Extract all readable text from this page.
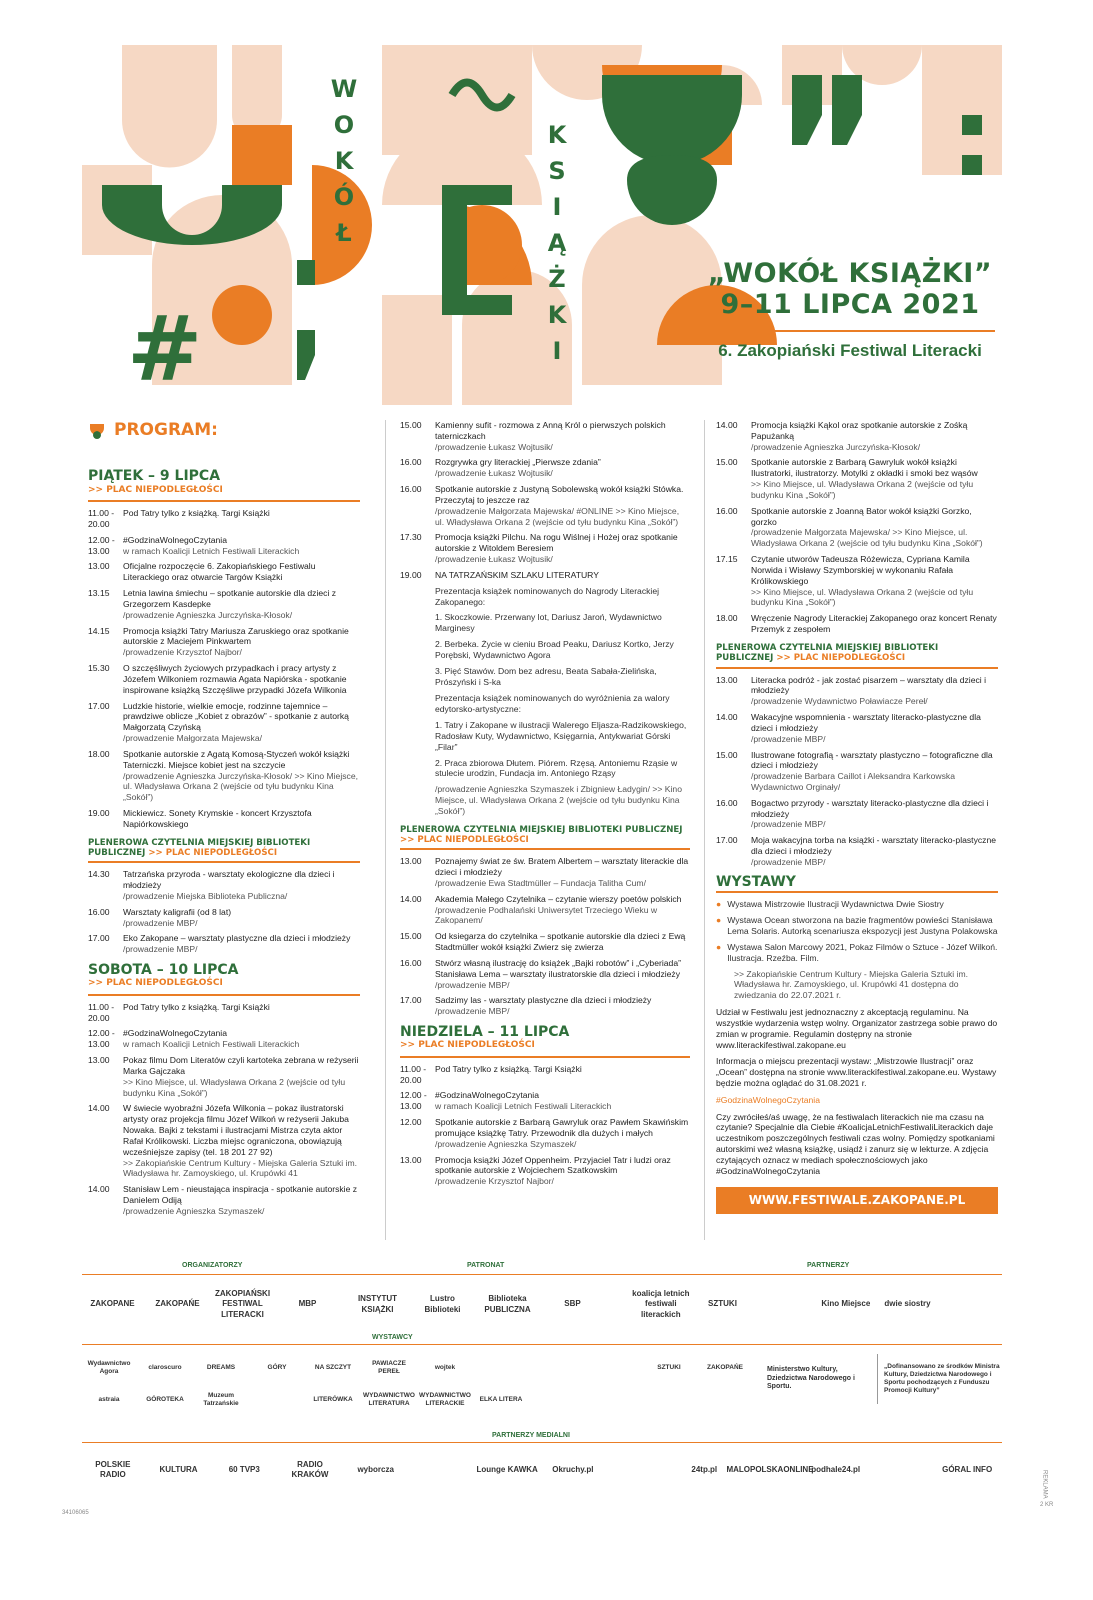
#
W
O
K
Ó
Ł
K
S
I
Ą
Ż
K
I
„WOKÓŁ KSIĄŻKI”
9–11 LIPCA 2021
6. Zakopiański Festiwal Literacki
PROGRAM:
PIĄTEK – 9 LIPCA
>> PLAC NIEPODLEGŁOŚCI
11.00 - 20.00
Pod Tatry tylko z książką. Targi Książki
12.00 - 13.00
#GodzinaWolnegoCzytania
w ramach Koalicji Letnich Festiwali Literackich
13.00	Oficjalne rozpoczęcie 6. Zakopiańskiego Festiwalu Literackiego oraz otwarcie Targów Książki
13.15	Letnia lawina śmiechu – spotkanie autorskie dla dzieci z Grzegorzem Kasdepke
/prowadzenie Agnieszka Jurczyńska-Kłosok/
14.15	Promocja książki Tatry Mariusza Zaruskiego oraz spotkanie autorskie z Maciejem Pinkwartem
/prowadzenie Krzysztof Najbor/
15.30	O szczęśliwych życiowych przypadkach i pracy artysty z Józefem Wilkoniem rozmawia Agata Napiórska - spotkanie inspirowane książką Szczęśliwe przypadki Józefa Wilkonia
17.00	Ludzkie historie, wielkie emocje, rodzinne tajemnice – prawdziwe oblicze „Kobiet z obrazów” - spotkanie z autorką Małgorzatą Czyńską
/prowadzenie Małgorzata Majewska/
18.00	Spotkanie autorskie z Agatą Komosą-Styczeń wokół książki Taterniczki. Miejsce kobiet jest na szczycie
/prowadzenie Agnieszka Jurczyńska-Kłosok/ >> Kino Miejsce, ul. Władysława Orkana 2 (wejście od tyłu budynku Kina „Sokół”)
19.00	Mickiewicz. Sonety Krymskie - koncert Krzysztofa Napiórkowskiego
PLENEROWA CZYTELNIA MIEJSKIEJ BIBLIOTEKI PUBLICZNEJ >> PLAC NIEPODLEGŁOŚCI
14.30	Tatrzańska przyroda - warsztaty ekologiczne dla dzieci i młodzieży
/prowadzenie Miejska Biblioteka Publiczna/
16.00	Warsztaty kaligrafii (od 8 lat)
/prowadzenie MBP/
17.00	Eko Zakopane – warsztaty plastyczne dla dzieci i młodzieży
/prowadzenie MBP/
SOBOTA – 10 LIPCA
>> PLAC NIEPODLEGŁOŚCI
11.00 - 20.00
Pod Tatry tylko z książką. Targi Książki
12.00 - 13.00
#GodzinaWolnegoCzytania
w ramach Koalicji Letnich Festiwali Literackich
13.00	Pokaz filmu Dom Literatów czyli kartoteka zebrana w reżyserii Marka Gajczaka
>> Kino Miejsce, ul. Władysława Orkana 2 (wejście od tyłu budynku Kina „Sokół”)
14.00	W świecie wyobraźni Józefa Wilkonia – pokaz ilustratorski artysty oraz projekcja filmu Józef Wilkoń w reżyserii Jakuba Nowaka. Bajki z tekstami i ilustracjami Mistrza czyta aktor Rafał Królikowski. Liczba miejsc ograniczona, obowiązują wcześniejsze zapisy (tel. 18 201 27 92)
>> Zakopiańskie Centrum Kultury - Miejska Galeria Sztuki im. Władysława hr. Zamoyskiego, ul. Krupówki 41
14.00	Stanisław Lem - nieustająca inspiracja - spotkanie autorskie z Danielem Odiją
/prowadzenie Agnieszka Szymaszek/
15.00	Kamienny sufit - rozmowa z Anną Król o pierwszych polskich taterniczkach
/prowadzenie Łukasz Wojtusik/
16.00	Rozgrywka gry literackiej „Pierwsze zdania”
/prowadzenie Łukasz Wojtusik/
16.00	Spotkanie autorskie z Justyną Sobolewską wokół książki Stówka. Przeczytaj to jeszcze raz
/prowadzenie Małgorzata Majewska/ #ONLINE >> Kino Miejsce, ul. Władysława Orkana 2 (wejście od tyłu budynku Kina „Sokół”)
17.30	Promocja książki Pilchu. Na rogu Wiślnej i Hożej oraz spotkanie autorskie z Witoldem Beresiem
/prowadzenie Łukasz Wojtusik/
19.00	NA TATRZAŃSKIM SZLAKU LITERATURY
Prezentacja książek nominowanych do Nagrody Literackiej Zakopanego:
1. Skoczkowie. Przerwany lot, Dariusz Jaroń, Wydawnictwo Marginesy
2. Berbeka. Życie w cieniu Broad Peaku, Dariusz Kortko, Jerzy Porębski, Wydawnictwo Agora
3. Pięć Stawów. Dom bez adresu, Beata Sabała-Zielińska, Prószyński i S-ka
Prezentacja książek nominowanych do wyróżnienia za walory edytorsko-artystyczne:
1. Tatry i Zakopane w ilustracji Walerego Eljasza-Radzikowskiego, Radosław Kuty, Wydawnictwo, Księgarnia, Antykwariat Górski „Filar”
2. Praca zbiorowa Dłutem. Piórem. Rzęsą. Antoniemu Rząsie w stulecie urodzin, Fundacja im. Antoniego Rząsy
/prowadzenie Agnieszka Szymaszek i Zbigniew Ładygin/ >> Kino Miejsce, ul. Władysława Orkana 2 (wejście od tyłu budynku Kina „Sokół”)
PLENEROWA CZYTELNIA MIEJSKIEJ BIBLIOTEKI PUBLICZNEJ >> PLAC NIEPODLEGŁOŚCI
13.00	Poznajemy świat ze św. Bratem Albertem – warsztaty literackie dla dzieci i młodzieży
/prowadzenie Ewa Stadtmüller – Fundacja Talitha Cum/
14.00	Akademia Małego Czytelnika – czytanie wierszy poetów polskich
/prowadzenie Podhalański Uniwersytet Trzeciego Wieku w Zakopanem/
15.00	Od ksiegarza do czytelnika – spotkanie autorskie dla dzieci z Ewą Stadtmüller wokół książki Zwierz się zwierza
16.00	Stwórz własną ilustrację do książek „Bajki robotów” i „Cyberiada” Stanisława Lema – warsztaty ilustratorskie dla dzieci i młodzieży
/prowadzenie MBP/
17.00	Sadzimy las - warsztaty plastyczne dla dzieci i młodzieży
/prowadzenie MBP/
NIEDZIELA – 11 LIPCA
>> PLAC NIEPODLEGŁOŚCI
11.00 - 20.00
Pod Tatry tylko z książką. Targi Książki
12.00 - 13.00
#GodzinaWolnegoCzytania
w ramach Koalicji Letnich Festiwali Literackich
12.00	Spotkanie autorskie z Barbarą Gawryluk oraz Pawłem Skawińskim promujące książkę Tatry. Przewodnik dla dużych i małych
/prowadzenie Agnieszka Szymaszek/
13.00	Promocja książki Józef Oppenheim. Przyjaciel Tatr i ludzi oraz spotkanie autorskie z Wojciechem Szatkowskim
/prowadzenie Krzysztof Najbor/
14.00	Promocja książki Kąkol oraz spotkanie autorskie z Zośką Papużanką
/prowadzenie Agnieszka Jurczyńska-Kłosok/
15.00	Spotkanie autorskie z Barbarą Gawryluk wokół książki Ilustratorki, ilustratorzy. Motylki z okładki i smoki bez wąsów
>> Kino Miejsce, ul. Władysława Orkana 2 (wejście od tyłu budynku Kina „Sokół”)
16.00	Spotkanie autorskie z Joanną Bator wokół książki Gorzko, gorzko
/prowadzenie Małgorzata Majewska/ >> Kino Miejsce, ul. Władysława Orkana 2 (wejście od tyłu budynku Kina „Sokół”)
17.15	Czytanie utworów Tadeusza Różewicza, Cypriana Kamila Norwida i Wisławy Szymborskiej w wykonaniu Rafała Królikowskiego
>> Kino Miejsce, ul. Władysława Orkana 2 (wejście od tyłu budynku Kina „Sokół”)
18.00	Wręczenie Nagrody Literackiej Zakopanego oraz koncert Renaty Przemyk z zespołem
PLENEROWA CZYTELNIA MIEJSKIEJ BIBLIOTEKI PUBLICZNEJ >> PLAC NIEPODLEGŁOŚCI
13.00	Literacka podróż - jak zostać pisarzem – warsztaty dla dzieci i młodzieży
/prowadzenie Wydawnictwo Poławiacze Pereł/
14.00	Wakacyjne wspomnienia - warsztaty literacko-plastyczne dla dzieci i młodzieży
/prowadzenie MBP/
15.00	Ilustrowane fotografią - warsztaty plastyczno – fotograficzne dla dzieci i młodzieży
/prowadzenie Barbara Caillot i Aleksandra Karkowska Wydawnictwo Orginały/
16.00	Bogactwo przyrody - warsztaty literacko-plastyczne dla dzieci i młodzieży
/prowadzenie MBP/
17.00	Moja wakacyjna torba na książki - warsztaty literacko-plastyczne dla dzieci i młodzieży
/prowadzenie MBP/
WYSTAWY
● Wystawa Mistrzowie Ilustracji Wydawnictwa Dwie Siostry
● Wystawa Ocean stworzona na bazie fragmentów powieści Stanisława Lema Solaris. Autorką scenariusza ekspozycji jest Justyna Polakowska
● Wystawa Salon Marcowy 2021, Pokaz Filmów o Sztuce - Józef Wilkoń. Ilustracja. Rzeźba. Film.
>> Zakopiańskie Centrum Kultury - Miejska Galeria Sztuki im. Władysława hr. Zamoyskiego, ul. Krupówki 41 dostępna do zwiedzania do 22.07.2021 r.
Udział w Festiwalu jest jednoznaczny z akceptacją regulaminu. Na wszystkie wydarzenia wstęp wolny. Organizator zastrzega sobie prawo do zmian w programie. Regulamin dostępny na stronie www.literackifestiwal.zakopane.eu
Informacja o miejscu prezentacji wystaw: „Mistrzowie Ilustracji” oraz „Ocean” dostępna na stronie www.literackifestiwal.zakopane.eu. Wystawy będzie można oglądać do 31.08.2021 r.
#GodzinaWolnegoCzytania
Czy zwróciłeś/aś uwagę, że na festiwalach literackich nie ma czasu na czytanie? Specjalnie dla Ciebie #KoalicjaLetnichFestiwaliLiterackich daje uczestnikom poszczególnych festiwali czas wolny. Pomiędzy spotkaniami autorskimi weź własną książkę, usiądź i zanurz się w lekturze. A zdjęcia czytających oznacz w mediach społecznościowych jako #GodzinaWolnegoCzytania
WWW.FESTIWALE.ZAKOPANE.PL
ORGANIZATORZY	PATRONAT	PARTNERZY
ZAKOPANE	ZAKOPAŃE
ZAKOPIAŃSKI FESTIWAL LITERACKI
MBP
INSTYTUT KSIĄŻKI
Lustro Biblioteki
Biblioteka PUBLICZNA
SBP
koalicja letnich festiwali literackich
SZTUKI	Kino Miejsce	dwie siostry
WYSTAWCY
Wydawnictwo Agora
claroscuro	DREAMS	GÓRY	NA SZCZYT
PAWIACZE PEREŁ
wojtek	SZTUKI	ZAKOPAŃE
astraia	GÓROTEKA
Muzeum Tatrzańskie
LITERÓWKA
WYDAWNICTWO LITERATURA
WYDAWNICTWO LITERACKIE
ELKA LITERA
Ministerstwo Kultury, Dziedzictwa Narodowego i Sportu.
„Dofinansowano ze środków Ministra Kultury, Dziedzictwa Narodowego i Sportu pochodzących z Funduszu Promocji Kultury”
PARTNERZY MEDIALNI
POLSKIE RADIO
KULTURA	60 TVP3
RADIO KRAKÓW
wyborcza	Lounge KAWKA	Okruchy.pl	24tp.pl	MALOPOLSKAONLINE
podhale24.pl	GÓRAL INFO
34106065
REKLAMA
2 KR
